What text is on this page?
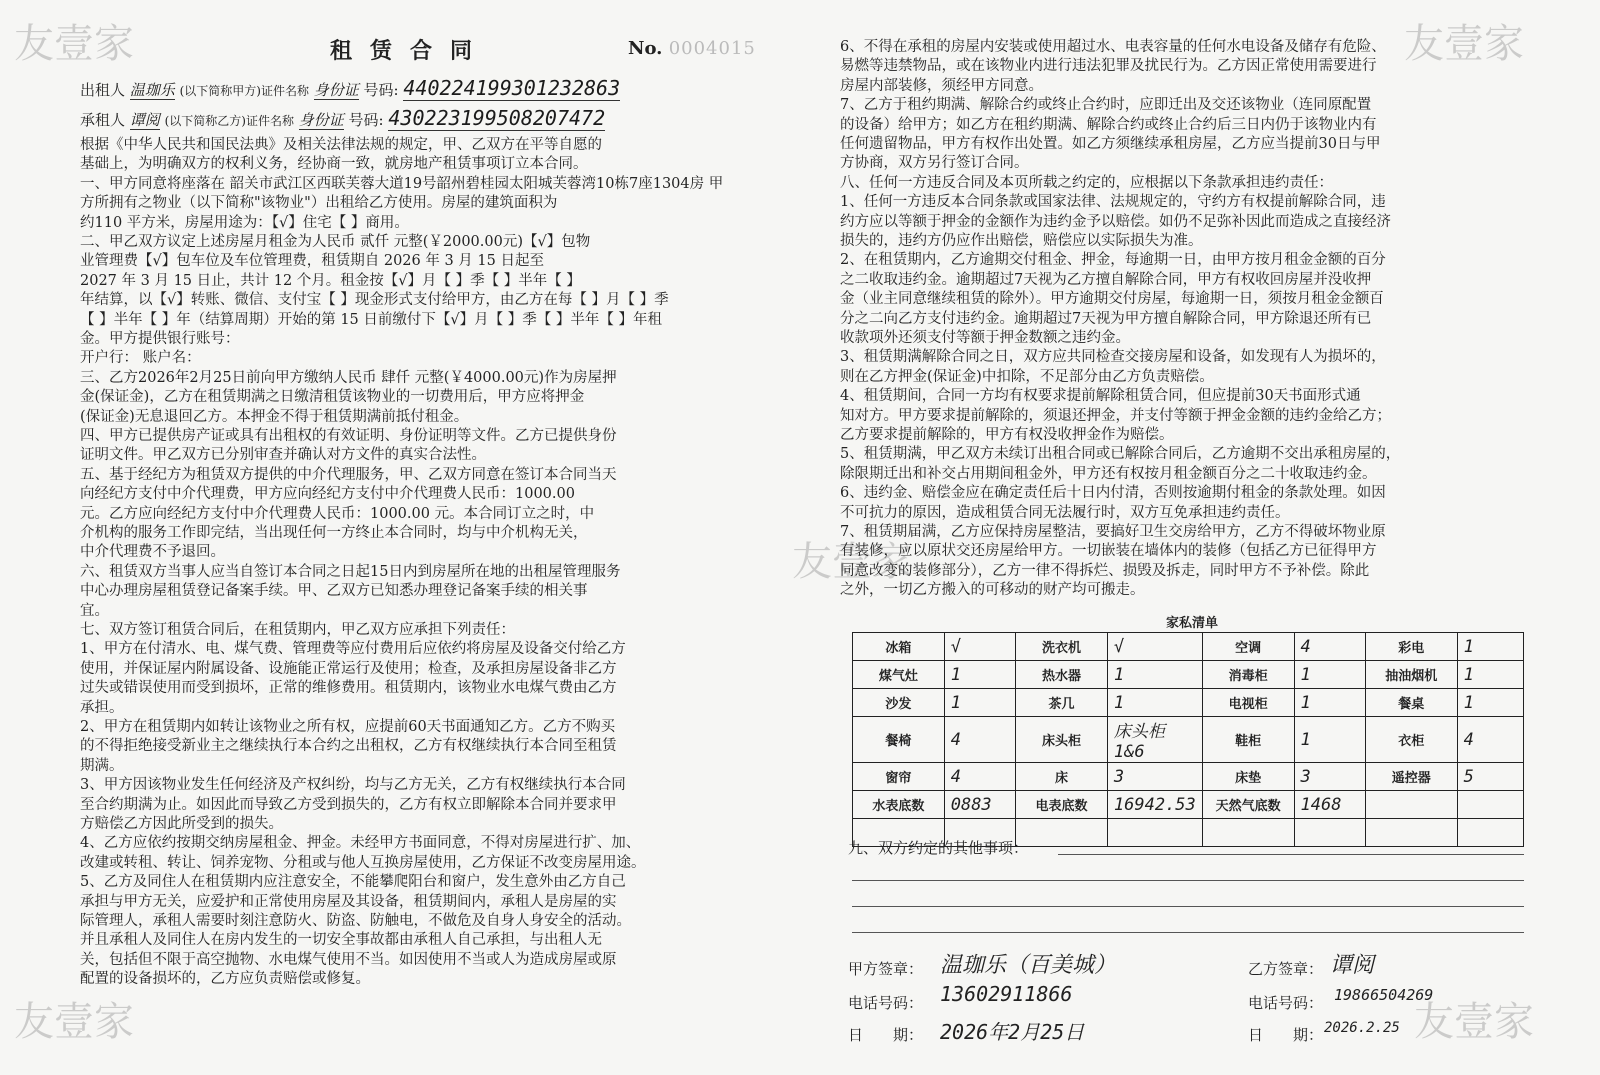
友壹家	友壹家
友壹家
友壹家	友壹家
租赁合同	No. 0004015
出租人 温珈乐 (以下简称甲方)证件名称 身份证 号码: 440224199301232863
承租人 谭阅 (以下简称乙方)证件名称 身份证 号码: 430223199508207472
根据《中华人民共和国民法典》及相关法律法规的规定，甲、乙双方在平等自愿的
基础上，为明确双方的权利义务，经协商一致，就房地产租赁事项订立本合同。
一、甲方同意将座落在 韶关市武江区西联芙蓉大道19号韶州碧桂园太阳城芙蓉湾10栋7座1304房 甲
方所拥有之物业（以下简称"该物业"）出租给乙方使用。房屋的建筑面积为
约110 平方米，房屋用途为：【√】住宅【 】商用。
二、甲乙双方议定上述房屋月租金为人民币 贰仟 元整(￥2000.00元)【√】包物
业管理费【√】包车位及车位管理费，租赁期自 2026 年 3 月 15 日起至
2027 年 3 月 15 日止，共计 12 个月。租金按【√】月【 】季【 】半年【 】
年结算，以【√】转账、微信、支付宝【 】现金形式支付给甲方，由乙方在每【 】月【 】季
【 】半年【 】年（结算周期）开始的第 15 日前缴付下【√】月【 】季【 】半年【 】年租
金。甲方提供银行账号：
开户行： 账户名：
三、乙方2026年2月25日前向甲方缴纳人民币 肆仟 元整(￥4000.00元)作为房屋押
金(保证金)，乙方在租赁期满之日缴清租赁该物业的一切费用后，甲方应将押金
(保证金)无息退回乙方。本押金不得于租赁期满前抵付租金。
四、甲方已提供房产证或具有出租权的有效证明、身份证明等文件。乙方已提供身份
证明文件。甲乙双方已分别审查并确认对方文件的真实合法性。
五、基于经纪方为租赁双方提供的中介代理服务，甲、乙双方同意在签订本合同当天
向经纪方支付中介代理费，甲方应向经纪方支付中介代理费人民币：1000.00
元。乙方应向经纪方支付中介代理费人民币：1000.00 元。本合同订立之时，中
介机构的服务工作即完结，当出现任何一方终止本合同时，均与中介机构无关，
中介代理费不予退回。
六、租赁双方当事人应当自签订本合同之日起15日内到房屋所在地的出租屋管理服务
中心办理房屋租赁登记备案手续。甲、乙双方已知悉办理登记备案手续的相关事
宜。
七、双方签订租赁合同后，在租赁期内，甲乙双方应承担下列责任：
1、甲方在付清水、电、煤气费、管理费等应付费用后应依约将房屋及设备交付给乙方
使用，并保证屋内附属设备、设施能正常运行及使用；检查，及承担房屋设备非乙方
过失或错误使用而受到损坏，正常的维修费用。租赁期内，该物业水电煤气费由乙方
承担。
2、甲方在租赁期内如转让该物业之所有权，应提前60天书面通知乙方。乙方不购买
的不得拒绝接受新业主之继续执行本合约之出租权，乙方有权继续执行本合同至租赁
期满。
3、甲方因该物业发生任何经济及产权纠纷，均与乙方无关，乙方有权继续执行本合同
至合约期满为止。如因此而导致乙方受到损失的，乙方有权立即解除本合同并要求甲
方赔偿乙方因此所受到的损失。
4、乙方应依约按期交纳房屋租金、押金。未经甲方书面同意，不得对房屋进行扩、加、
改建或转租、转让、饲养宠物、分租或与他人互换房屋使用，乙方保证不改变房屋用途。
5、乙方及同住人在租赁期内应注意安全，不能攀爬阳台和窗户，发生意外由乙方自己
承担与甲方无关，应爱护和正常使用房屋及其设备，租赁期间内，承租人是房屋的实
际管理人，承租人需要时刻注意防火、防盗、防触电，不做危及自身人身安全的活动。
并且承租人及同住人在房内发生的一切安全事故都由承租人自己承担，与出租人无
关，包括但不限于高空抛物、水电煤气使用不当。如因使用不当或人为造成房屋或原
配置的设备损坏的，乙方应负责赔偿或修复。
6、不得在承租的房屋内安装或使用超过水、电表容量的任何水电设备及储存有危险、
易燃等违禁物品，或在该物业内进行违法犯罪及扰民行为。乙方因正常使用需要进行
房屋内部装修，须经甲方同意。
7、乙方于租约期满、解除合约或终止合约时，应即迁出及交还该物业（连同原配置
的设备）给甲方；如乙方在租约期满、解除合约或终止合约后三日内仍于该物业内有
任何遗留物品，甲方有权作出处置。如乙方须继续承租房屋，乙方应当提前30日与甲
方协商，双方另行签订合同。
八、任何一方违反合同及本页所载之约定的，应根据以下条款承担违约责任：
1、任何一方违反本合同条款或国家法律、法规规定的，守约方有权提前解除合同，违
约方应以等额于押金的金额作为违约金予以赔偿。如仍不足弥补因此而造成之直接经济
损失的，违约方仍应作出赔偿，赔偿应以实际损失为准。
2、在租赁期内，乙方逾期交付租金、押金，每逾期一日，由甲方按月租金金额的百分
之二收取违约金。逾期超过7天视为乙方擅自解除合同，甲方有权收回房屋并没收押
金（业主同意继续租赁的除外）。甲方逾期交付房屋，每逾期一日，须按月租金金额百
分之二向乙方支付违约金。逾期超过7天视为甲方擅自解除合同，甲方除退还所有已
收款项外还须支付等额于押金数额之违约金。
3、租赁期满解除合同之日，双方应共同检查交接房屋和设备，如发现有人为损坏的，
则在乙方押金(保证金)中扣除，不足部分由乙方负责赔偿。
4、租赁期间，合同一方均有权要求提前解除租赁合同，但应提前30天书面形式通
知对方。甲方要求提前解除的，须退还押金，并支付等额于押金金额的违约金给乙方；
乙方要求提前解除的，甲方有权没收押金作为赔偿。
5、租赁期满，甲乙双方未续订出租合同或已解除合同后，乙方逾期不交出承租房屋的，
除限期迁出和补交占用期间租金外，甲方还有权按月租金额百分之二十收取违约金。
6、违约金、赔偿金应在确定责任后十日内付清，否则按逾期付租金的条款处理。如因
不可抗力的原因，造成租赁合同无法履行时，双方互免承担违约责任。
7、租赁期届满，乙方应保持房屋整洁，要搞好卫生交房给甲方，乙方不得破坏物业原
有装修，应以原状交还房屋给甲方。一切嵌装在墙体内的装修（包括乙方已征得甲方
同意改变的装修部分），乙方一律不得拆烂、损毁及拆走，同时甲方不予补偿。除此
之外，一切乙方搬入的可移动的财产均可搬走。
家私清单
冰箱	√	洗衣机	√	空调	4	彩电	1
煤气灶	1	热水器	1	消毒柜	1	抽油烟机	1
沙发	1	茶几	1	电视柜	1	餐桌	1
餐椅	4	床头柜	床头柜 1&6	鞋柜	1	衣柜	4
窗帘	4	床	3	床垫	3	遥控器	5
水表底数	0883	电表底数	16942.53	天然气底数	1468		

九、双方约定的其他事项：
甲方签章： 温珈乐（百美城）	乙方签章： 谭阅
电话号码： 13602911866	电话号码： 19866504269
日　　期： 2026年2月25日	日　　期： 2026.2.25
